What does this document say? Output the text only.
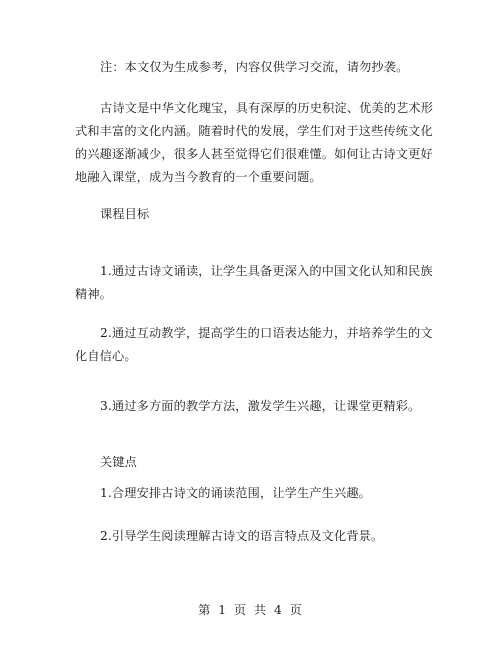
注：本文仅为生成参考，内容仅供学习交流，请勿抄袭。

古诗文是中华文化瑰宝，具有深厚的历史积淀、优美的艺术形式和丰富的文化内涵。随着时代的发展，学生们对于这些传统文化的兴趣逐渐减少，很多人甚至觉得它们很难懂。如何让古诗文更好地融入课堂，成为当今教育的一个重要问题。

课程目标

1.通过古诗文诵读，让学生具备更深入的中国文化认知和民族精神。

2.通过互动教学，提高学生的口语表达能力，并培养学生的文化自信心。

3.通过多方面的教学方法，激发学生兴趣，让课堂更精彩。

关键点

1.合理安排古诗文的诵读范围，让学生产生兴趣。

2.引导学生阅读理解古诗文的语言特点及文化背景。

第 1 页 共 4 页
